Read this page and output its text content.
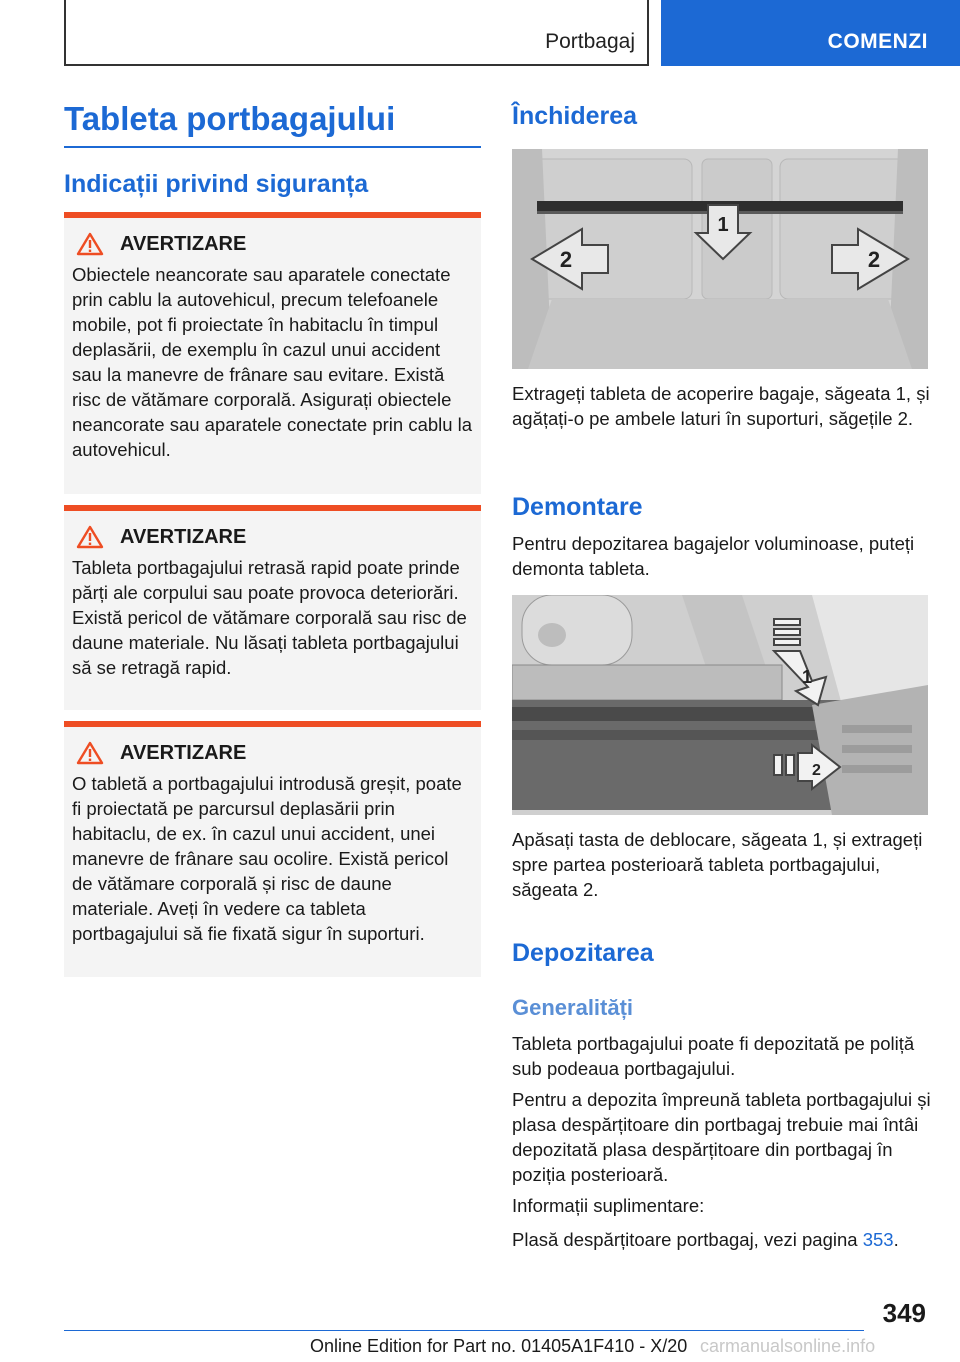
Portbagaj	COMENZI
Tableta portbagajului
Indicații privind siguranța
AVERTIZARE
Obiectele neancorate sau aparatele conectate prin cablu la autovehicul, precum telefoanele mobile, pot fi proiectate în habitaclu în timpul deplasării, de exemplu în cazul unui accident sau la manevre de frânare sau evitare. Există risc de vătămare corporală. Asigurați obiectele neancorate sau aparatele conectate prin cablu la autovehicul.
AVERTIZARE
Tableta portbagajului retrasă rapid poate prinde părți ale corpului sau poate provoca deteriorări. Există pericol de vătămare corporală sau risc de daune materiale. Nu lăsați tableta portbagajului să se retragă rapid.
AVERTIZARE
O tabletă a portbagajului introdusă greșit, poate fi proiectată pe parcursul deplasării prin habitaclu, de ex. în cazul unui accident, unei manevre de frânare sau ocolire. Există pericol de vătămare corporală și risc de daune materiale. Aveți în vedere ca tableta portbagajului să fie fixată sigur în suporturi.
Închiderea
1
2	2
Extrageți tableta de acoperire bagaje, săgeata 1, și agățați-o pe ambele laturi în suporturi, săgețile 2.
Demontare
Pentru depozitarea bagajelor voluminoase, puteți demonta tableta.
1
2
Apăsați tasta de deblocare, săgeata 1, și extrageți spre partea posterioară tableta portbagajului, săgeata 2.
Depozitarea
Generalități
Tableta portbagajului poate fi depozitată pe poliță sub podeaua portbagajului.
Pentru a depozita împreună tableta portbagajului și plasa despărțitoare din portbagaj trebuie mai întâi depozitată plasa despărțitoare din portbagaj în poziția posterioară.
Informații suplimentare:
Plasă despărțitoare portbagaj, vezi pagina 353.
349
Online Edition for Part no. 01405A1F410 - X/20 carmanualsonline.info
